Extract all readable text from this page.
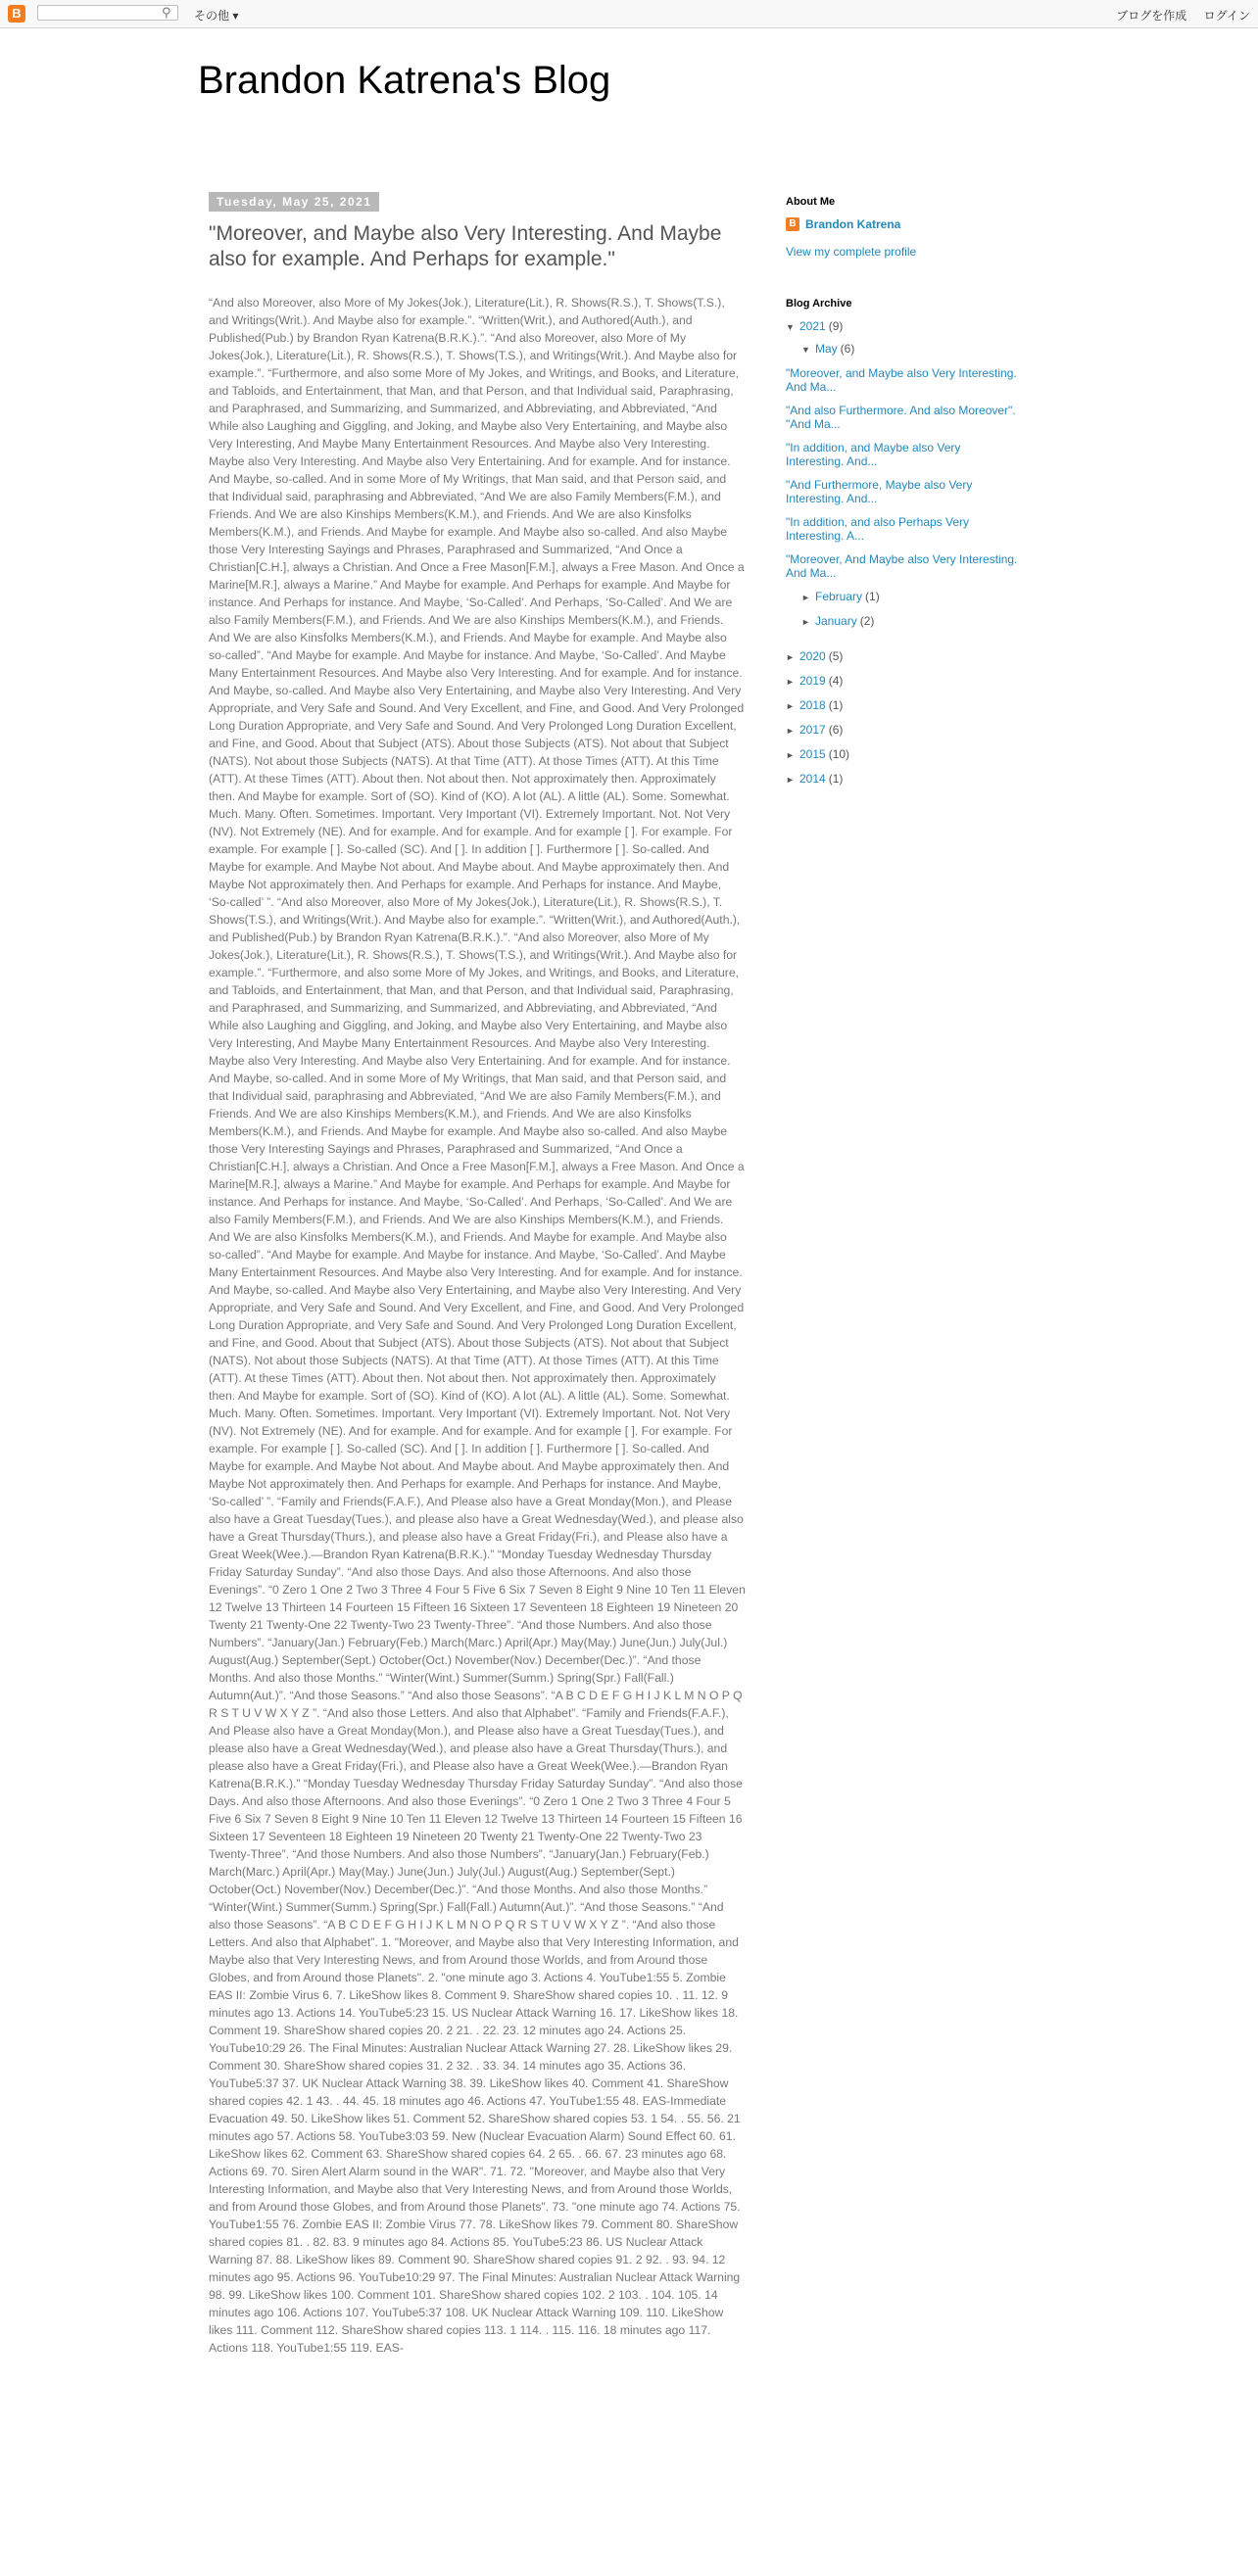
B	⚲	その他 ▾	ブログを作成 ログイン
Brandon Katrena's Blog
Tuesday, May 25, 2021
"Moreover, and Maybe also Very Interesting. And Maybe also for example. And Perhaps for example."
“And also Moreover, also More of My Jokes(Jok.), Literature(Lit.), R. Shows(R.S.), T. Shows(T.S.), and Writings(Writ.). And Maybe also for example.”. “Written(Writ.), and Authored(Auth.), and Published(Pub.) by Brandon Ryan Katrena(B.R.K.).”. “And also Moreover, also More of My Jokes(Jok.), Literature(Lit.), R. Shows(R.S.), T. Shows(T.S.), and Writings(Writ.). And Maybe also for example.”. “Furthermore, and also some More of My Jokes, and Writings, and Books, and Literature, and Tabloids, and Entertainment, that Man, and that Person, and that Individual said, Paraphrasing, and Paraphrased, and Summarizing, and Summarized, and Abbreviating, and Abbreviated, “And While also Laughing and Giggling, and Joking, and Maybe also Very Entertaining, and Maybe also Very Interesting, And Maybe Many Entertainment Resources. And Maybe also Very Interesting. Maybe also Very Interesting. And Maybe also Very Entertaining. And for example. And for instance. And Maybe, so-called. And in some More of My Writings, that Man said, and that Person said, and that Individual said, paraphrasing and Abbreviated, “And We are also Family Members(F.M.), and Friends. And We are also Kinships Members(K.M.), and Friends. And We are also Kinsfolks Members(K.M.), and Friends. And Maybe for example. And Maybe also so-called. And also Maybe those Very Interesting Sayings and Phrases, Paraphrased and Summarized, “And Once a Christian[C.H.], always a Christian. And Once a Free Mason[F.M.], always a Free Mason. And Once a Marine[M.R.], always a Marine.” And Maybe for example. And Perhaps for example. And Maybe for instance. And Perhaps for instance. And Maybe, ‘So-Called’. And Perhaps, ‘So-Called’. And We are also Family Members(F.M.), and Friends. And We are also Kinships Members(K.M.), and Friends. And We are also Kinsfolks Members(K.M.), and Friends. And Maybe for example. And Maybe also so-called”. “And Maybe for example. And Maybe for instance. And Maybe, ‘So-Called’. And Maybe Many Entertainment Resources. And Maybe also Very Interesting. And for example. And for instance. And Maybe, so-called. And Maybe also Very Entertaining, and Maybe also Very Interesting. And Very Appropriate, and Very Safe and Sound. And Very Excellent, and Fine, and Good. And Very Prolonged Long Duration Appropriate, and Very Safe and Sound. And Very Prolonged Long Duration Excellent, and Fine, and Good. About that Subject (ATS). About those Subjects (ATS). Not about that Subject (NATS). Not about those Subjects (NATS). At that Time (ATT). At those Times (ATT). At this Time (ATT). At these Times (ATT). About then. Not about then. Not approximately then. Approximately then. And Maybe for example. Sort of (SO). Kind of (KO). A lot (AL). A little (AL). Some. Somewhat. Much. Many. Often. Sometimes. Important. Very Important (VI). Extremely Important. Not. Not Very (NV). Not Extremely (NE). And for example. And for example. And for example [ ]. For example. For example. For example [ ]. So-called (SC). And [ ]. In addition [ ]. Furthermore [ ]. So-called. And Maybe for example. And Maybe Not about. And Maybe about. And Maybe approximately then. And Maybe Not approximately then. And Perhaps for example. And Perhaps for instance. And Maybe, ‘So-called’ ”. “And also Moreover, also More of My Jokes(Jok.), Literature(Lit.), R. Shows(R.S.), T. Shows(T.S.), and Writings(Writ.). And Maybe also for example.”. “Written(Writ.), and Authored(Auth.), and Published(Pub.) by Brandon Ryan Katrena(B.R.K.).”. “And also Moreover, also More of My Jokes(Jok.), Literature(Lit.), R. Shows(R.S.), T. Shows(T.S.), and Writings(Writ.). And Maybe also for example.”. “Furthermore, and also some More of My Jokes, and Writings, and Books, and Literature, and Tabloids, and Entertainment, that Man, and that Person, and that Individual said, Paraphrasing, and Paraphrased, and Summarizing, and Summarized, and Abbreviating, and Abbreviated, “And While also Laughing and Giggling, and Joking, and Maybe also Very Entertaining, and Maybe also Very Interesting, And Maybe Many Entertainment Resources. And Maybe also Very Interesting. Maybe also Very Interesting. And Maybe also Very Entertaining. And for example. And for instance. And Maybe, so-called. And in some More of My Writings, that Man said, and that Person said, and that Individual said, paraphrasing and Abbreviated, “And We are also Family Members(F.M.), and Friends. And We are also Kinships Members(K.M.), and Friends. And We are also Kinsfolks Members(K.M.), and Friends. And Maybe for example. And Maybe also so-called. And also Maybe those Very Interesting Sayings and Phrases, Paraphrased and Summarized, “And Once a Christian[C.H.], always a Christian. And Once a Free Mason[F.M.], always a Free Mason. And Once a Marine[M.R.], always a Marine.” And Maybe for example. And Perhaps for example. And Maybe for instance. And Perhaps for instance. And Maybe, ‘So-Called’. And Perhaps, ‘So-Called’. And We are also Family Members(F.M.), and Friends. And We are also Kinships Members(K.M.), and Friends. And We are also Kinsfolks Members(K.M.), and Friends. And Maybe for example. And Maybe also so-called”. “And Maybe for example. And Maybe for instance. And Maybe, ‘So-Called’. And Maybe Many Entertainment Resources. And Maybe also Very Interesting. And for example. And for instance. And Maybe, so-called. And Maybe also Very Entertaining, and Maybe also Very Interesting. And Very Appropriate, and Very Safe and Sound. And Very Excellent, and Fine, and Good. And Very Prolonged Long Duration Appropriate, and Very Safe and Sound. And Very Prolonged Long Duration Excellent, and Fine, and Good. About that Subject (ATS). About those Subjects (ATS). Not about that Subject (NATS). Not about those Subjects (NATS). At that Time (ATT). At those Times (ATT). At this Time (ATT). At these Times (ATT). About then. Not about then. Not approximately then. Approximately then. And Maybe for example. Sort of (SO). Kind of (KO). A lot (AL). A little (AL). Some. Somewhat. Much. Many. Often. Sometimes. Important. Very Important (VI). Extremely Important. Not. Not Very (NV). Not Extremely (NE). And for example. And for example. And for example [ ]. For example. For example. For example [ ]. So-called (SC). And [ ]. In addition [ ]. Furthermore [ ]. So-called. And Maybe for example. And Maybe Not about. And Maybe about. And Maybe approximately then. And Maybe Not approximately then. And Perhaps for example. And Perhaps for instance. And Maybe, ‘So-called’ ”. “Family and Friends(F.A.F.), And Please also have a Great Monday(Mon.), and Please also have a Great Tuesday(Tues.), and please also have a Great Wednesday(Wed.), and please also have a Great Thursday(Thurs.), and please also have a Great Friday(Fri.), and Please also have a Great Week(Wee.).—Brandon Ryan Katrena(B.R.K.).” “Monday Tuesday Wednesday Thursday Friday Saturday Sunday”. “And also those Days. And also those Afternoons. And also those Evenings”. “0 Zero 1 One 2 Two 3 Three 4 Four 5 Five 6 Six 7 Seven 8 Eight 9 Nine 10 Ten 11 Eleven 12 Twelve 13 Thirteen 14 Fourteen 15 Fifteen 16 Sixteen 17 Seventeen 18 Eighteen 19 Nineteen 20 Twenty 21 Twenty-One 22 Twenty-Two 23 Twenty-Three”. “And those Numbers. And also those Numbers”. “January(Jan.) February(Feb.) March(Marc.) April(Apr.) May(May.) June(Jun.) July(Jul.) August(Aug.) September(Sept.) October(Oct.) November(Nov.) December(Dec.)”. “And those Months. And also those Months.” “Winter(Wint.) Summer(Summ.) Spring(Spr.) Fall(Fall.) Autumn(Aut.)”. “And those Seasons.” “And also those Seasons”. “A B C D E F G H I J K L M N O P Q R S T U V W X Y Z ”. “And also those Letters. And also that Alphabet”. “Family and Friends(F.A.F.), And Please also have a Great Monday(Mon.), and Please also have a Great Tuesday(Tues.), and please also have a Great Wednesday(Wed.), and please also have a Great Thursday(Thurs.), and please also have a Great Friday(Fri.), and Please also have a Great Week(Wee.).—Brandon Ryan Katrena(B.R.K.).” “Monday Tuesday Wednesday Thursday Friday Saturday Sunday”. “And also those Days. And also those Afternoons. And also those Evenings”. “0 Zero 1 One 2 Two 3 Three 4 Four 5 Five 6 Six 7 Seven 8 Eight 9 Nine 10 Ten 11 Eleven 12 Twelve 13 Thirteen 14 Fourteen 15 Fifteen 16 Sixteen 17 Seventeen 18 Eighteen 19 Nineteen 20 Twenty 21 Twenty-One 22 Twenty-Two 23 Twenty-Three”. “And those Numbers. And also those Numbers”. “January(Jan.) February(Feb.) March(Marc.) April(Apr.) May(May.) June(Jun.) July(Jul.) August(Aug.) September(Sept.) October(Oct.) November(Nov.) December(Dec.)”. “And those Months. And also those Months.” “Winter(Wint.) Summer(Summ.) Spring(Spr.) Fall(Fall.) Autumn(Aut.)”. “And those Seasons.” “And also those Seasons”. “A B C D E F G H I J K L M N O P Q R S T U V W X Y Z ”. “And also those Letters. And also that Alphabet”. 1. "Moreover, and Maybe also that Very Interesting Information, and Maybe also that Very Interesting News, and from Around those Worlds, and from Around those Globes, and from Around those Planets". 2. "one minute ago 3. Actions 4. YouTube1:55 5. Zombie EAS II: Zombie Virus 6. 7. LikeShow likes 8. Comment 9. ShareShow shared copies 10. . 11. 12. 9 minutes ago 13. Actions 14. YouTube5:23 15. US Nuclear Attack Warning 16. 17. LikeShow likes 18. Comment 19. ShareShow shared copies 20. 2 21. . 22. 23. 12 minutes ago 24. Actions 25. YouTube10:29 26. The Final Minutes: Australian Nuclear Attack Warning 27. 28. LikeShow likes 29. Comment 30. ShareShow shared copies 31. 2 32. . 33. 34. 14 minutes ago 35. Actions 36. YouTube5:37 37. UK Nuclear Attack Warning 38. 39. LikeShow likes 40. Comment 41. ShareShow shared copies 42. 1 43. . 44. 45. 18 minutes ago 46. Actions 47. YouTube1:55 48. EAS-Immediate Evacuation 49. 50. LikeShow likes 51. Comment 52. ShareShow shared copies 53. 1 54. . 55. 56. 21 minutes ago 57. Actions 58. YouTube3:03 59. New (Nuclear Evacuation Alarm) Sound Effect 60. 61. LikeShow likes 62. Comment 63. ShareShow shared copies 64. 2 65. . 66. 67. 23 minutes ago 68. Actions 69. 70. Siren Alert Alarm sound in the WAR". 71. 72. "Moreover, and Maybe also that Very Interesting Information, and Maybe also that Very Interesting News, and from Around those Worlds, and from Around those Globes, and from Around those Planets". 73. "one minute ago 74. Actions 75. YouTube1:55 76. Zombie EAS II: Zombie Virus 77. 78. LikeShow likes 79. Comment 80. ShareShow shared copies 81. . 82. 83. 9 minutes ago 84. Actions 85. YouTube5:23 86. US Nuclear Attack Warning 87. 88. LikeShow likes 89. Comment 90. ShareShow shared copies 91. 2 92. . 93. 94. 12 minutes ago 95. Actions 96. YouTube10:29 97. The Final Minutes: Australian Nuclear Attack Warning 98. 99. LikeShow likes 100. Comment 101. ShareShow shared copies 102. 2 103. . 104. 105. 14 minutes ago 106. Actions 107. YouTube5:37 108. UK Nuclear Attack Warning 109. 110. LikeShow likes 111. Comment 112. ShareShow shared copies 113. 1 114. . 115. 116. 18 minutes ago 117. Actions 118. YouTube1:55 119. EAS-
About Me
B Brandon Katrena
View my complete profile
Blog Archive
▼ 2021 (9)
▼ May (6)
"Moreover, and Maybe also Very Interesting. And Ma...
"And also Furthermore. And also Moreover". "And Ma...
"In addition, and Maybe also Very Interesting. And...
"And Furthermore, Maybe also Very Interesting. And...
"In addition, and also Perhaps Very Interesting. A...
"Moreover, And Maybe also Very Interesting. And Ma...
► February (1)
► January (2)
► 2020 (5)
► 2019 (4)
► 2018 (1)
► 2017 (6)
► 2015 (10)
► 2014 (1)
